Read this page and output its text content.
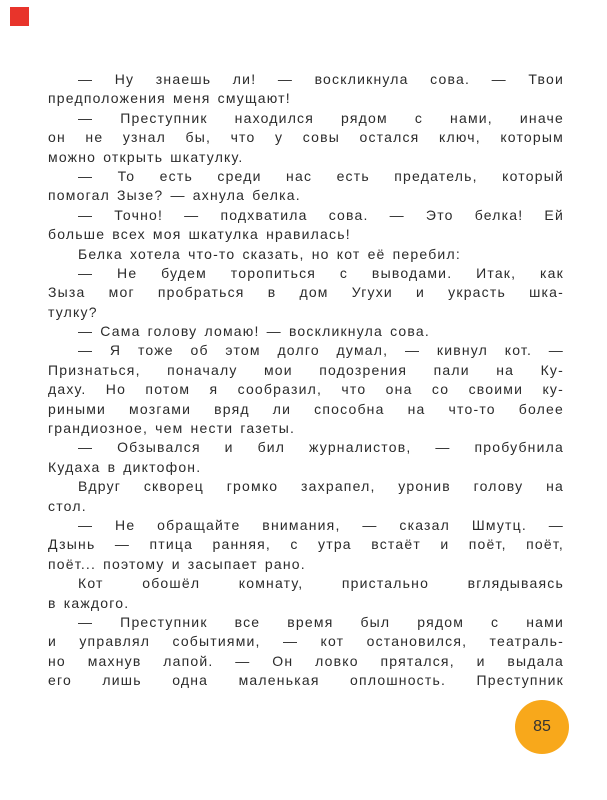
— Ну знаешь ли! — воскликнула сова. — Твои
предположения меня смущают!
— Преступник находился рядом с нами, иначе
он не узнал бы, что у совы остался ключ, которым
можно открыть шкатулку.
— То есть среди нас есть предатель, который
помогал Зызе? — ахнула белка.
— Точно! — подхватила сова. — Это белка! Ей
больше всех моя шкатулка нравилась!
Белка хотела что-то сказать, но кот её перебил:
— Не будем торопиться с выводами. Итак, как
Зыза мог пробраться в дом Угухи и украсть шка-
тулку?
— Сама голову ломаю! — воскликнула сова.
— Я тоже об этом долго думал, — кивнул кот. —
Признаться, поначалу мои подозрения пали на Ку-
даху. Но потом я сообразил, что она со своими ку-
риными мозгами вряд ли способна на что-то более
грандиозное, чем нести газеты.
— Обзывался и бил журналистов, — пробубнила
Кудаха в диктофон.
Вдруг скворец громко захрапел, уронив голову на
стол.
— Не обращайте внимания, — сказал Шмутц. —
Дзынь — птица ранняя, с утра встаёт и поёт, поёт,
поёт... поэтому и засыпает рано.
Кот обошёл комнату, пристально вглядываясь
в каждого.
— Преступник все время был рядом с нами
и управлял событиями, — кот остановился, театраль-
но махнув лапой. — Он ловко прятался, и выдала
его лишь одна маленькая оплошность. Преступник
85
